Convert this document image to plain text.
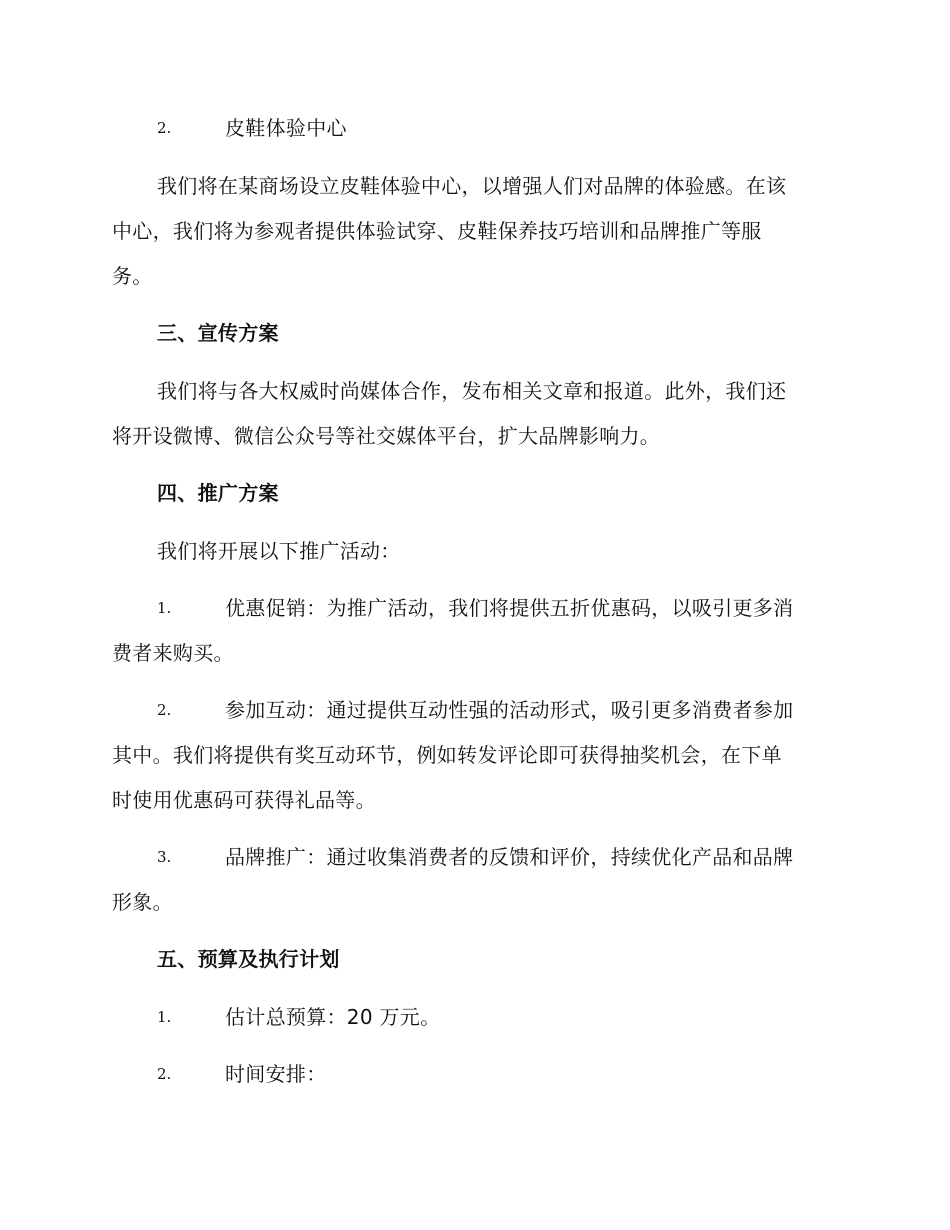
2.	皮鞋体验中心
我们将在某商场设立皮鞋体验中心，以增强人们对品牌的体验感。在该
中心，我们将为参观者提供体验试穿、皮鞋保养技巧培训和品牌推广等服
务。
三、宣传方案
我们将与各大权威时尚媒体合作，发布相关文章和报道。此外，我们还
将开设微博、微信公众号等社交媒体平台，扩大品牌影响力。
四、推广方案
我们将开展以下推广活动：
1.	优惠促销：为推广活动，我们将提供五折优惠码，以吸引更多消
费者来购买。
2.	参加互动：通过提供互动性强的活动形式，吸引更多消费者参加
其中。我们将提供有奖互动环节，例如转发评论即可获得抽奖机会，在下单
时使用优惠码可获得礼品等。
3.	品牌推广：通过收集消费者的反馈和评价，持续优化产品和品牌
形象。
五、预算及执行计划
1.	估计总预算：20 万元。
2.	时间安排：
